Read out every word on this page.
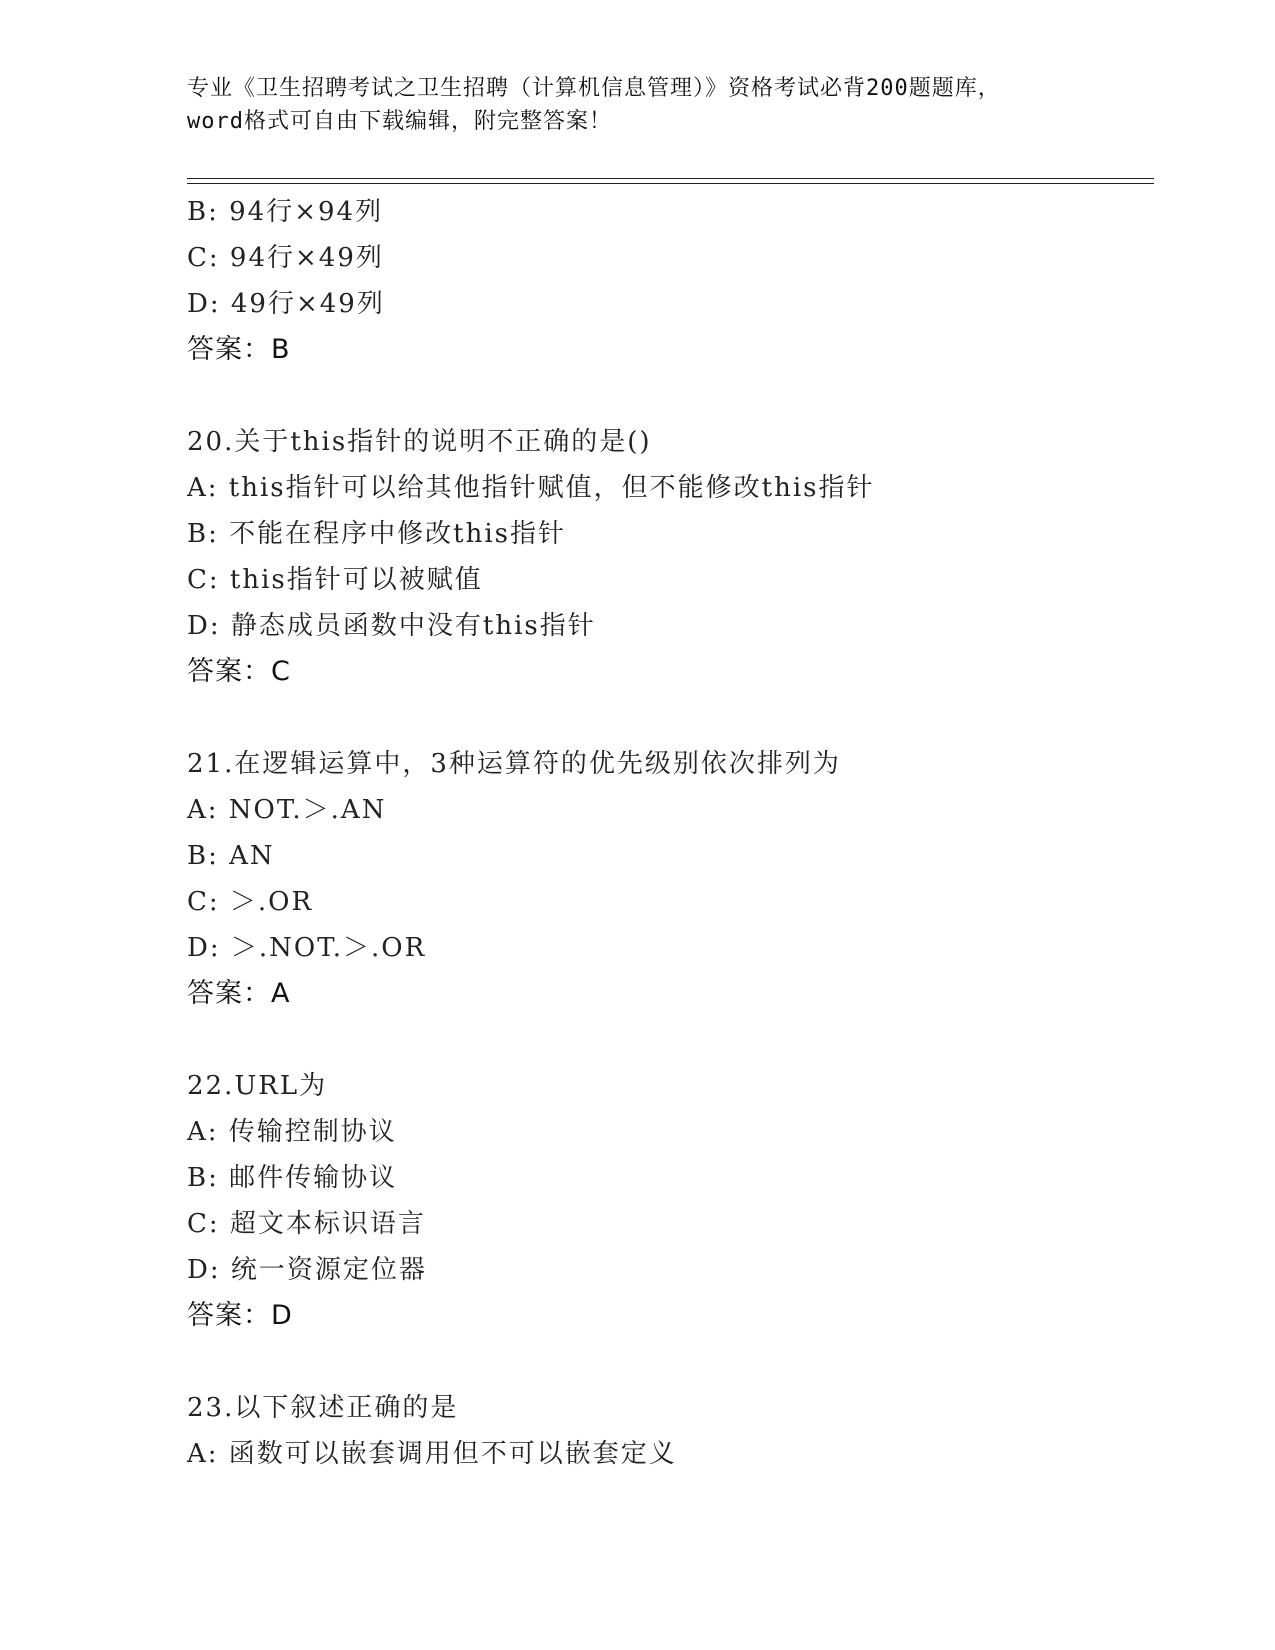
专业《卫生招聘考试之卫生招聘（计算机信息管理）》资格考试必背200题题库，
word格式可自由下载编辑，附完整答案！
B: 94行×94列
C: 94行×49列
D: 49行×49列
答案：B
20.关于this指针的说明不正确的是()
A: this指针可以给其他指针赋值，但不能修改this指针
B: 不能在程序中修改this指针
C: this指针可以被赋值
D: 静态成员函数中没有this指针
答案：C
21.在逻辑运算中，3种运算符的优先级别依次排列为
A: NOT.＞.AN
B: AN
C: ＞.OR
D: ＞.NOT.＞.OR
答案：A
22.URL为
A: 传输控制协议
B: 邮件传输协议
C: 超文本标识语言
D: 统一资源定位器
答案：D
23.以下叙述正确的是
A: 函数可以嵌套调用但不可以嵌套定义
